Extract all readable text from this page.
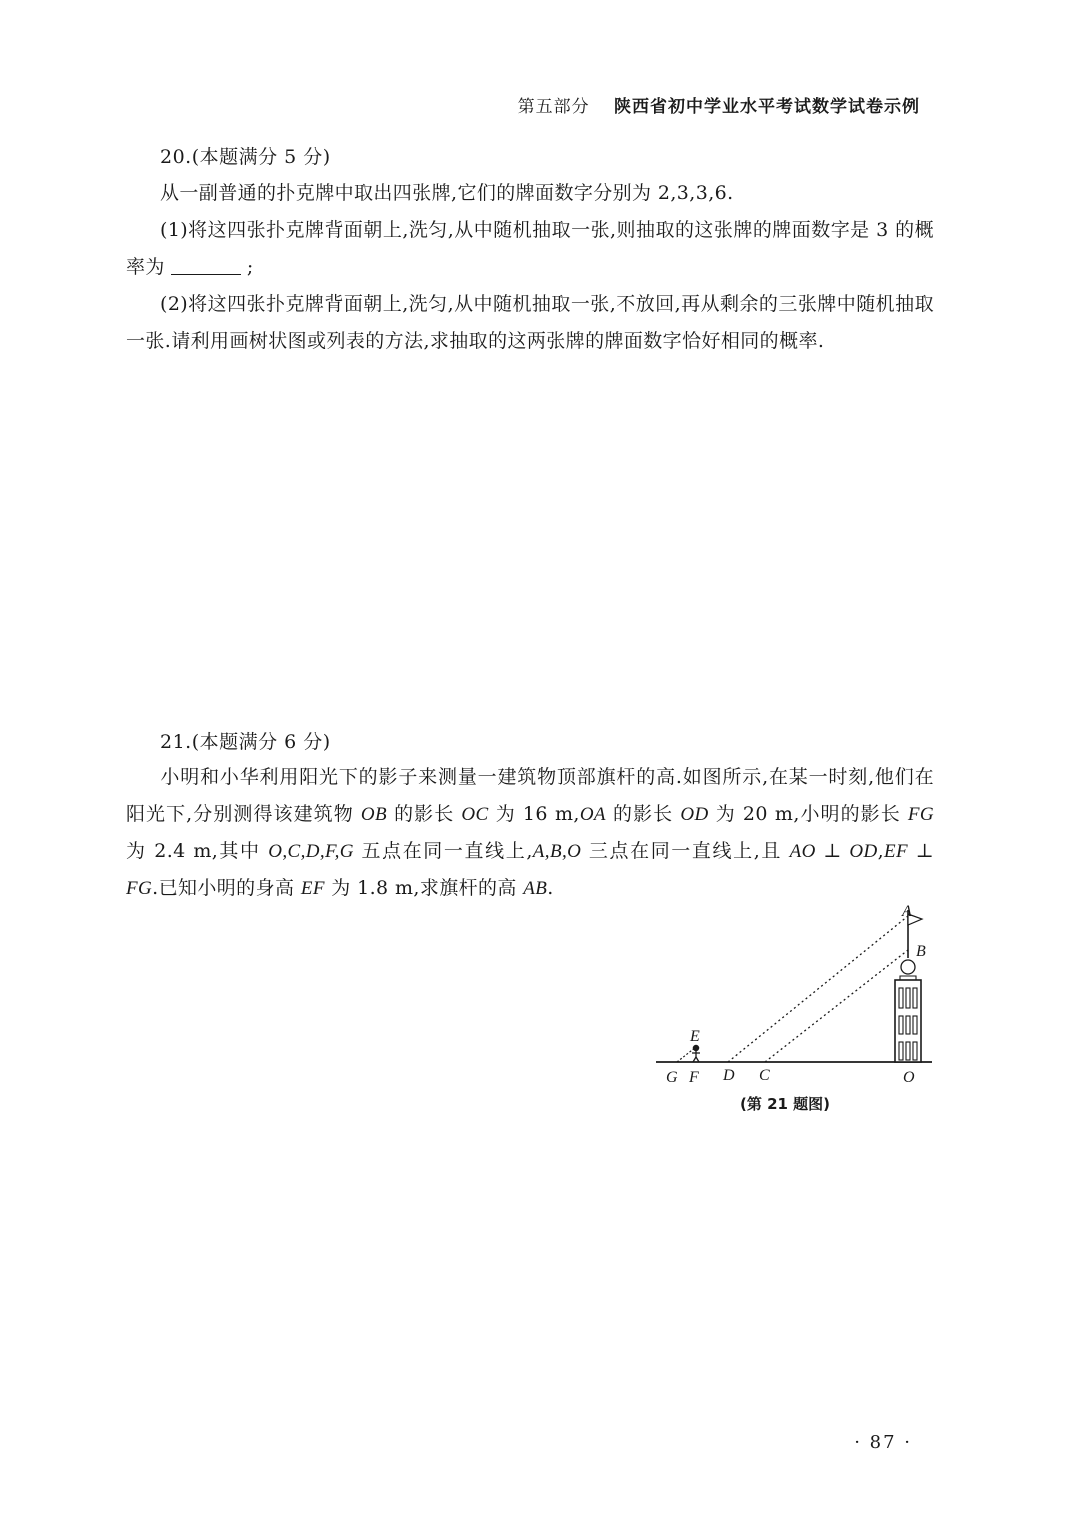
第五部分 陕西省初中学业水平考试数学试卷示例
20.(本题满分 5 分)
从一副普通的扑克牌中取出四张牌,它们的牌面数字分别为 2,3,3,6.
(1)将这四张扑克牌背面朝上,洗匀,从中随机抽取一张,则抽取的这张牌的牌面数字是 3 的概率为	;
(2)将这四张扑克牌背面朝上,洗匀,从中随机抽取一张,不放回,再从剩余的三张牌中随机抽取一张.请利用画树状图或列表的方法,求抽取的这两张牌的牌面数字恰好相同的概率.
21.(本题满分 6 分)
小明和小华利用阳光下的影子来测量一建筑物顶部旗杆的高.如图所示,在某一时刻,他们在阳光下,分别测得该建筑物 OB 的影长 OC 为 16 m,OA 的影长 OD 为 20 m,小明的影长 FG 为 2.4 m,其中 O,C,D,F,G 五点在同一直线上,A,B,O 三点在同一直线上,且 AO ⊥ OD,EF ⊥ FG.已知小明的身高 EF 为 1.8 m,求旗杆的高 AB.
A
B
E
G F D C	O
(第 21 题图)
· 87 ·
